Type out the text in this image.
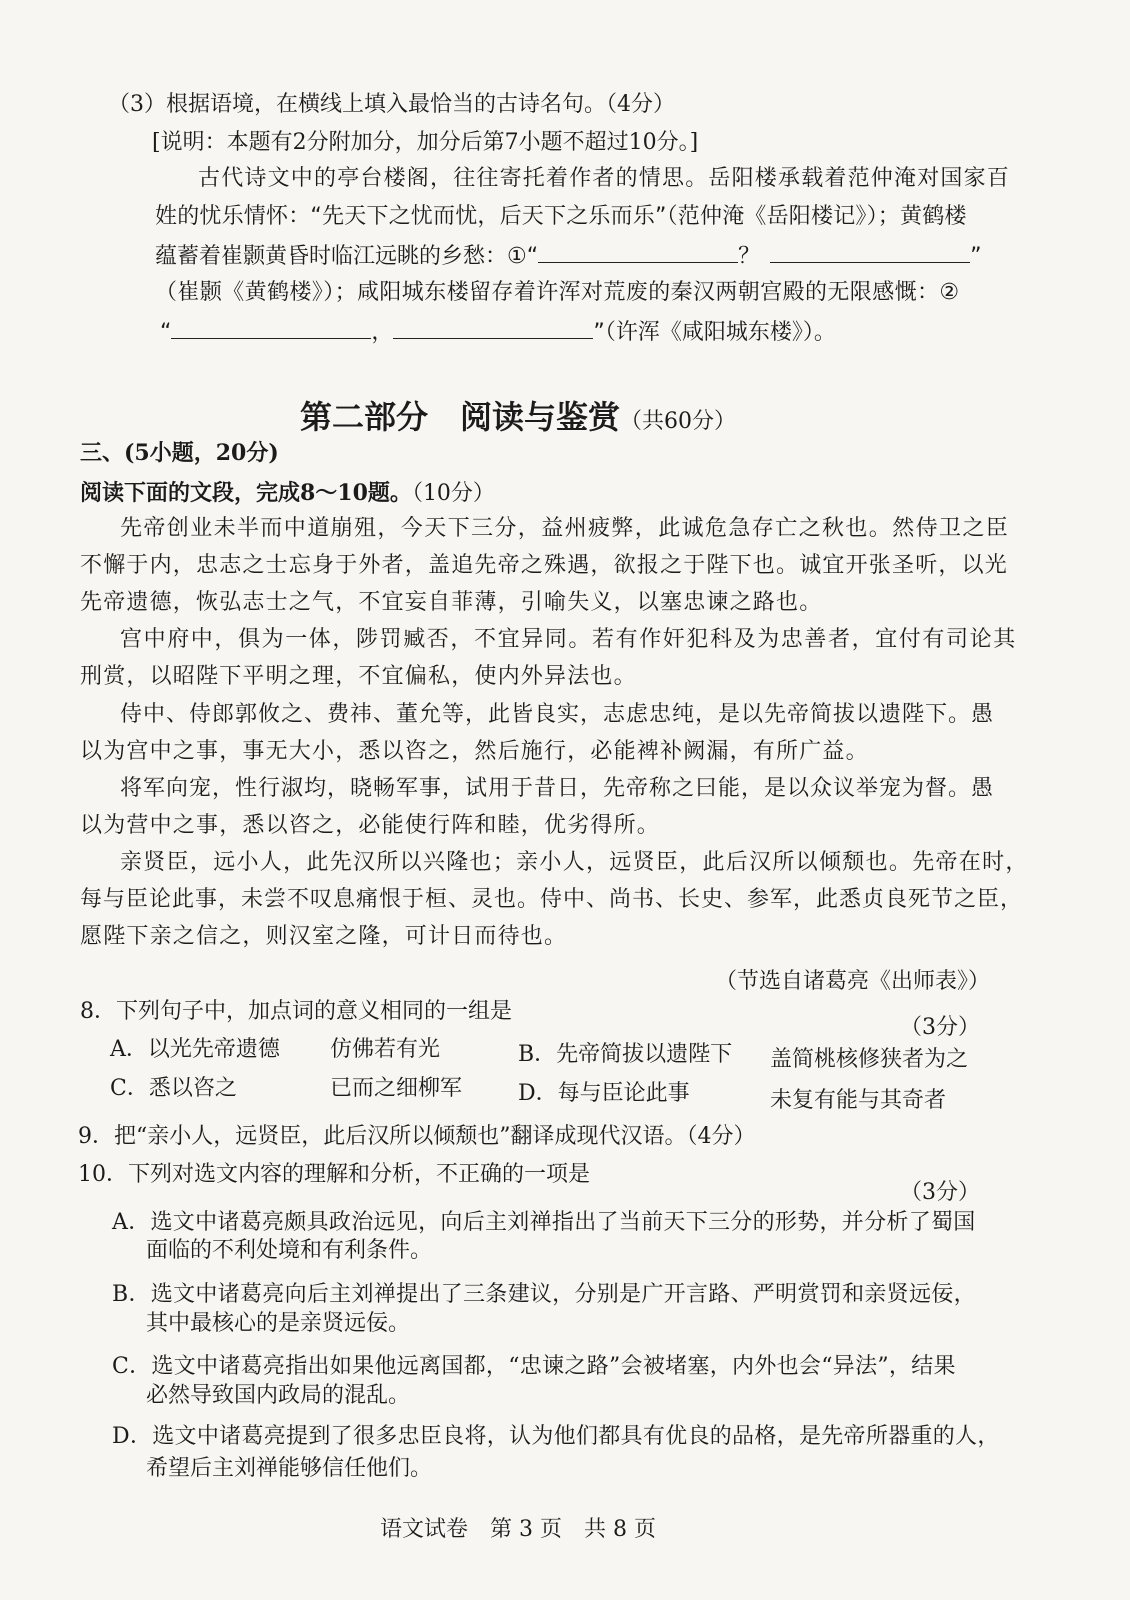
（3）根据语境，在横线上填入最恰当的古诗名句。（4分）
[说明：本题有2分附加分，加分后第7小题不超过10分。]
古代诗文中的亭台楼阁，往往寄托着作者的情思。岳阳楼承载着范仲淹对国家百
姓的忧乐情怀：“先天下之忧而忧，后天下之乐而乐”（范仲淹《岳阳楼记》）；黄鹤楼
蕴蓄着崔颢黄昏时临江远眺的乡愁：①“	？	”
（崔颢《黄鹤楼》）；咸阳城东楼留存着许浑对荒废的秦汉两朝宫殿的无限感慨：②
“	，	”（许浑《咸阳城东楼》）。
第二部分　阅读与鉴赏（共60分）
三、(5小题，20分)
阅读下面的文段，完成8～10题。（10分）
先帝创业未半而中道崩殂，今天下三分，益州疲弊，此诚危急存亡之秋也。然侍卫之臣
不懈于内，忠志之士忘身于外者，盖追先帝之殊遇，欲报之于陛下也。诚宜开张圣听，以光
先帝遗德，恢弘志士之气，不宜妄自菲薄，引喻失义，以塞忠谏之路也。
宫中府中，俱为一体，陟罚臧否，不宜异同。若有作奸犯科及为忠善者，宜付有司论其
刑赏，以昭陛下平明之理，不宜偏私，使内外异法也。
侍中、侍郎郭攸之、费祎、董允等，此皆良实，志虑忠纯，是以先帝简拔以遗陛下。愚
以为宫中之事，事无大小，悉以咨之，然后施行，必能裨补阙漏，有所广益。
将军向宠，性行淑均，晓畅军事，试用于昔日，先帝称之曰能，是以众议举宠为督。愚
以为营中之事，悉以咨之，必能使行阵和睦，优劣得所。
亲贤臣，远小人，此先汉所以兴隆也；亲小人，远贤臣，此后汉所以倾颓也。先帝在时，
每与臣论此事，未尝不叹息痛恨于桓、灵也。侍中、尚书、长史、参军，此悉贞良死节之臣，
愿陛下亲之信之，则汉室之隆，可计日而待也。
（节选自诸葛亮《出师表》）
8．下列句子中，加点词的意义相同的一组是
（3分）
A．以光先帝遗德 仿佛若有光	B．先帝简拔以遗陛下 盖简桃核修狭者为之
C．悉以咨之	已而之细柳军	D．每与臣论此事	未复有能与其奇者
9．把“亲小人，远贤臣，此后汉所以倾颓也”翻译成现代汉语。（4分）
10．下列对选文内容的理解和分析，不正确的一项是
（3分）
A．选文中诸葛亮颇具政治远见，向后主刘禅指出了当前天下三分的形势，并分析了蜀国
面临的不利处境和有利条件。
B．选文中诸葛亮向后主刘禅提出了三条建议，分别是广开言路、严明赏罚和亲贤远佞，
其中最核心的是亲贤远佞。
C．选文中诸葛亮指出如果他远离国都，“忠谏之路”会被堵塞，内外也会“异法”，结果
必然导致国内政局的混乱。
D．选文中诸葛亮提到了很多忠臣良将，认为他们都具有优良的品格，是先帝所器重的人，
希望后主刘禅能够信任他们。
语文试卷　第 3 页　共 8 页
